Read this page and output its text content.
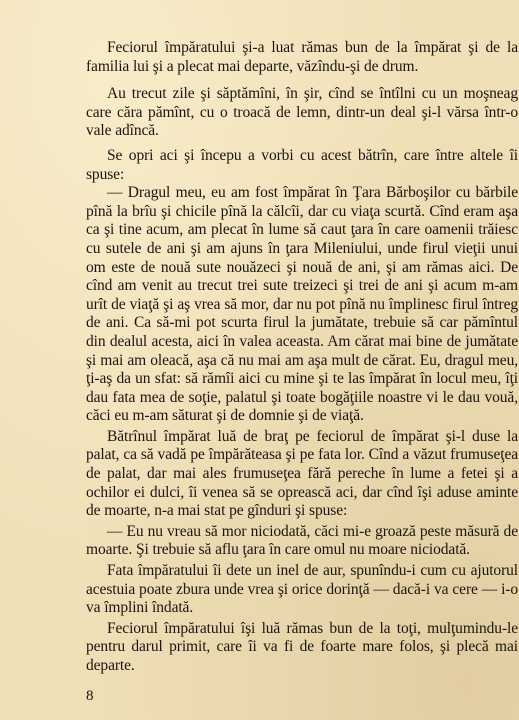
Feciorul împăratului şi-a luat rămas bun de la împărat şi de la familia lui şi a plecat mai departe, văzîndu-şi de drum.

Au trecut zile şi săptămîni, în şir, cînd se întîlni cu un moşneag care căra pămînt, cu o troacă de lemn, dintr-un deal şi-l vărsa într-o vale adîncă.

Se opri aci şi începu a vorbi cu acest bătrîn, care între altele îi spuse:

— Dragul meu, eu am fost împărat în Ţara Bărboşilor cu bărbile pînă la brîu şi chicile pînă la călcîi, dar cu viaţa scurtă. Cînd eram aşa ca şi tine acum, am plecat în lume să caut ţara în care oamenii trăiesc cu sutele de ani şi am ajuns în ţara Mileniului, unde firul vieţii unui om este de nouă sute nouăzeci şi nouă de ani, şi am rămas aici. De cînd am venit au trecut trei sute treizeci şi trei de ani şi acum m-am urît de viaţă şi aş vrea să mor, dar nu pot pînă nu împlinesc firul întreg de ani. Ca să-mi pot scurta firul la jumătate, trebuie să car pămîntul din dealul acesta, aici în valea aceasta. Am cărat mai bine de jumătate şi mai am oleacă, aşa că nu mai am aşa mult de cărat. Eu, dragul meu, ţi-aş da un sfat: să rămîi aici cu mine şi te las împărat în locul meu, îţi dau fata mea de soţie, palatul şi toate bogăţiile noastre vi le dau vouă, căci eu m-am săturat şi de domnie şi de viaţă.

Bătrînul împărat luă de braţ pe feciorul de împărat şi-l duse la palat, ca să vadă pe împărăteasa şi pe fata lor. Cînd a văzut frumuseţea de palat, dar mai ales frumuseţea fără pereche în lume a fetei şi a ochilor ei dulci, îi venea să se oprească aci, dar cînd îşi aduse aminte de moarte, n-a mai stat pe gînduri şi spuse:

— Eu nu vreau să mor niciodată, căci mi-e groază peste măsură de moarte. Şi trebuie să aflu ţara în care omul nu moare niciodată.

Fata împăratului îi dete un inel de aur, spunîndu-i cum cu ajutorul acestuia poate zbura unde vrea şi orice dorinţă — dacă-i va cere — i-o va împlini îndată.

Feciorul împăratului îşi luă rămas bun de la toţi, mulţumindu-le pentru darul primit, care îi va fi de foarte mare folos, şi plecă mai departe.

8
